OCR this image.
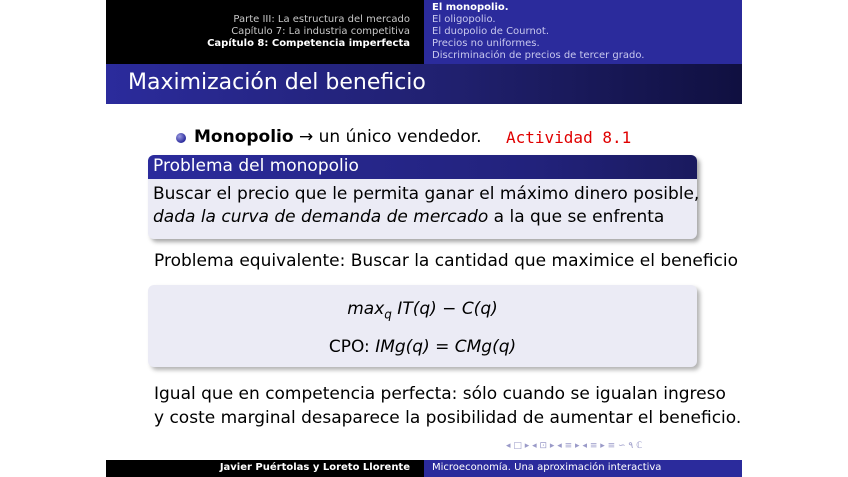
Parte III: La estructura del mercado
Capítulo 7: La industria competitiva
Capítulo 8: Competencia imperfecta
El monopolio.
El oligopolio.
El duopolio de Cournot.
Precios no uniformes.
Discriminación de precios de tercer grado.
Maximización del beneficio
Monopolio → un único vendedor. Actividad 8.1
Problema del monopolio
Buscar el precio que le permita ganar el máximo dinero posible,
dada la curva de demanda de mercado a la que se enfrenta
Problema equivalente: Buscar la cantidad que maximice el beneficio
$\max_q IT(q) - C(q)$
CPO: IMg(q) = CMg(q)
Igual que en competencia perfecta: sólo cuando se igualan ingreso
y coste marginal desaparece la posibilidad de aumentar el beneficio.
◂ □ ▸ ◂ ⊡ ▸ ◂ ≡ ▸ ◂ ≡ ▸ ≡ ∽ ۹ ℂ
Javier Puértolas y Loreto Llorente Microeconomía. Una aproximación interactiva
